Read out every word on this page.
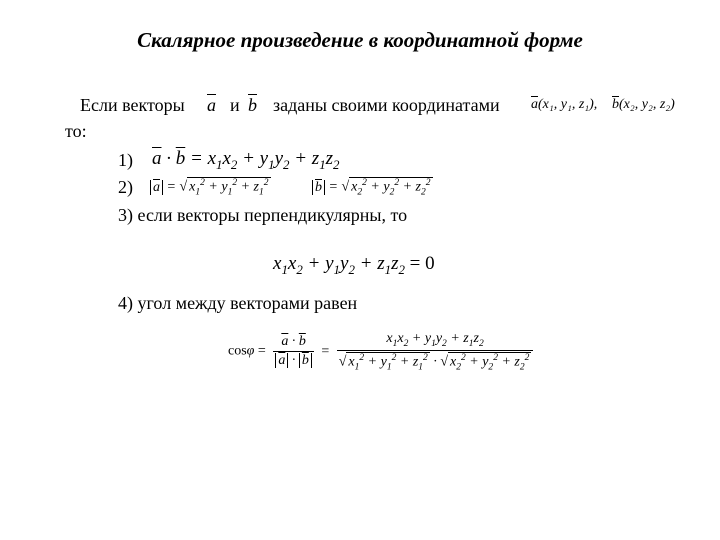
Скалярное произведение в координатной форме
Если векторы $\overline{a}$ и $\overline{b}$ заданы своими координатами $\overline{a}(x_1$, y₁, z₁), $\overline{b}(x_2$, y₂, z₂)
то:
1) $\overline{a} \cdot \overline{b} = x_1x_2 + y_1y_2 + z_1z_2$
2) $\overline{a}$ = √ $x_1^2 + y_1^2 + z_1^2$	$\overline{b}$ = √ $x_2^2 + y_2^2 + z_2^2$
3) если векторы перпендикулярны, то
$x_1x_2 + y_1y_2 + z_1z_2 = 0$
4) угол между векторами равен
$\cos\varphi = \frac{\overline{a} \cdot \overline{b}}{\overline{a} \cdot \overline{b}} = \frac{x_1x_2 + y_1y_2 + z_1z_2}{√ x_1^2 + y_1^2 + z_1^2 \cdot √ x_2^2 + y_2^2 + z_2^2}$
